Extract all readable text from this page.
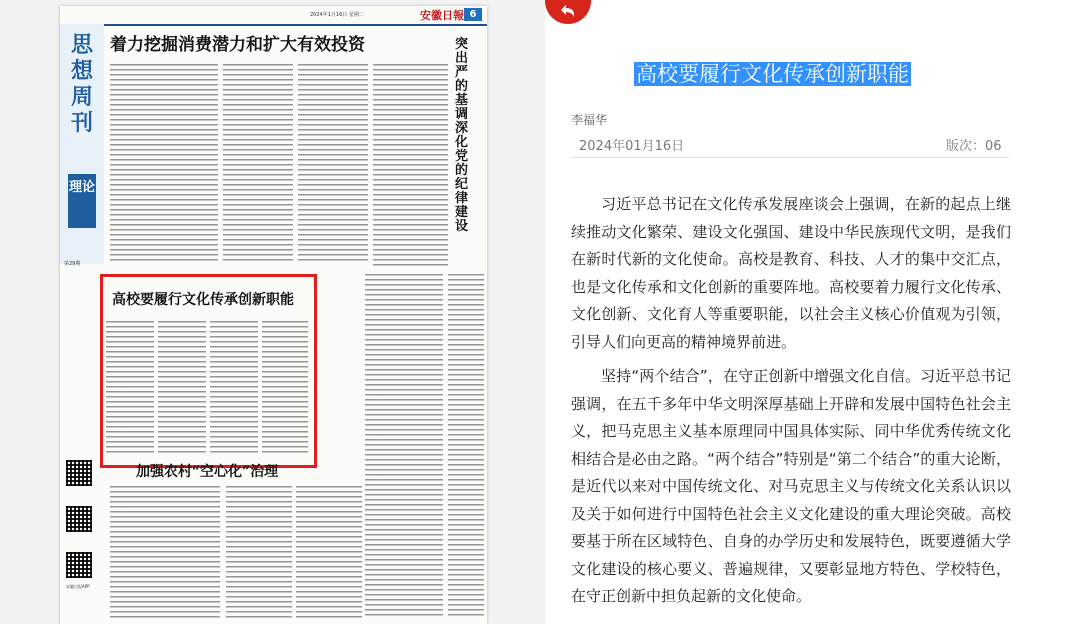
2024年1月16日 星期二	安徽日報 6
思想周刊
理论
第29期
着力挖掘消费潜力和扩大有效投资	突出严的基调深化党的纪律建设
高校要履行文化传承创新职能
加强农村“空心化”治理
安徽日报APP
高校要履行文化传承创新职能
李福华
2024年01月16日	版次：06

习近平总书记在文化传承发展座谈会上强调，在新的起点上继续推动文化繁荣、建设文化强国、建设中华民族现代文明，是我们在新时代新的文化使命。高校是教育、科技、人才的集中交汇点，也是文化传承和文化创新的重要阵地。高校要着力履行文化传承、文化创新、文化育人等重要职能，以社会主义核心价值观为引领，引导人们向更高的精神境界前进。

坚持“两个结合”，在守正创新中增强文化自信。习近平总书记强调，在五千多年中华文明深厚基础上开辟和发展中国特色社会主义，把马克思主义基本原理同中国具体实际、同中华优秀传统文化相结合是必由之路。“两个结合”特别是“第二个结合”的重大论断，是近代以来对中国传统文化、对马克思主义与传统文化关系认识以及关于如何进行中国特色社会主义文化建设的重大理论突破。高校要基于所在区域特色、自身的办学历史和发展特色，既要遵循大学文化建设的核心要义、普遍规律，又要彰显地方特色、学校特色，在守正创新中担负起新的文化使命。
